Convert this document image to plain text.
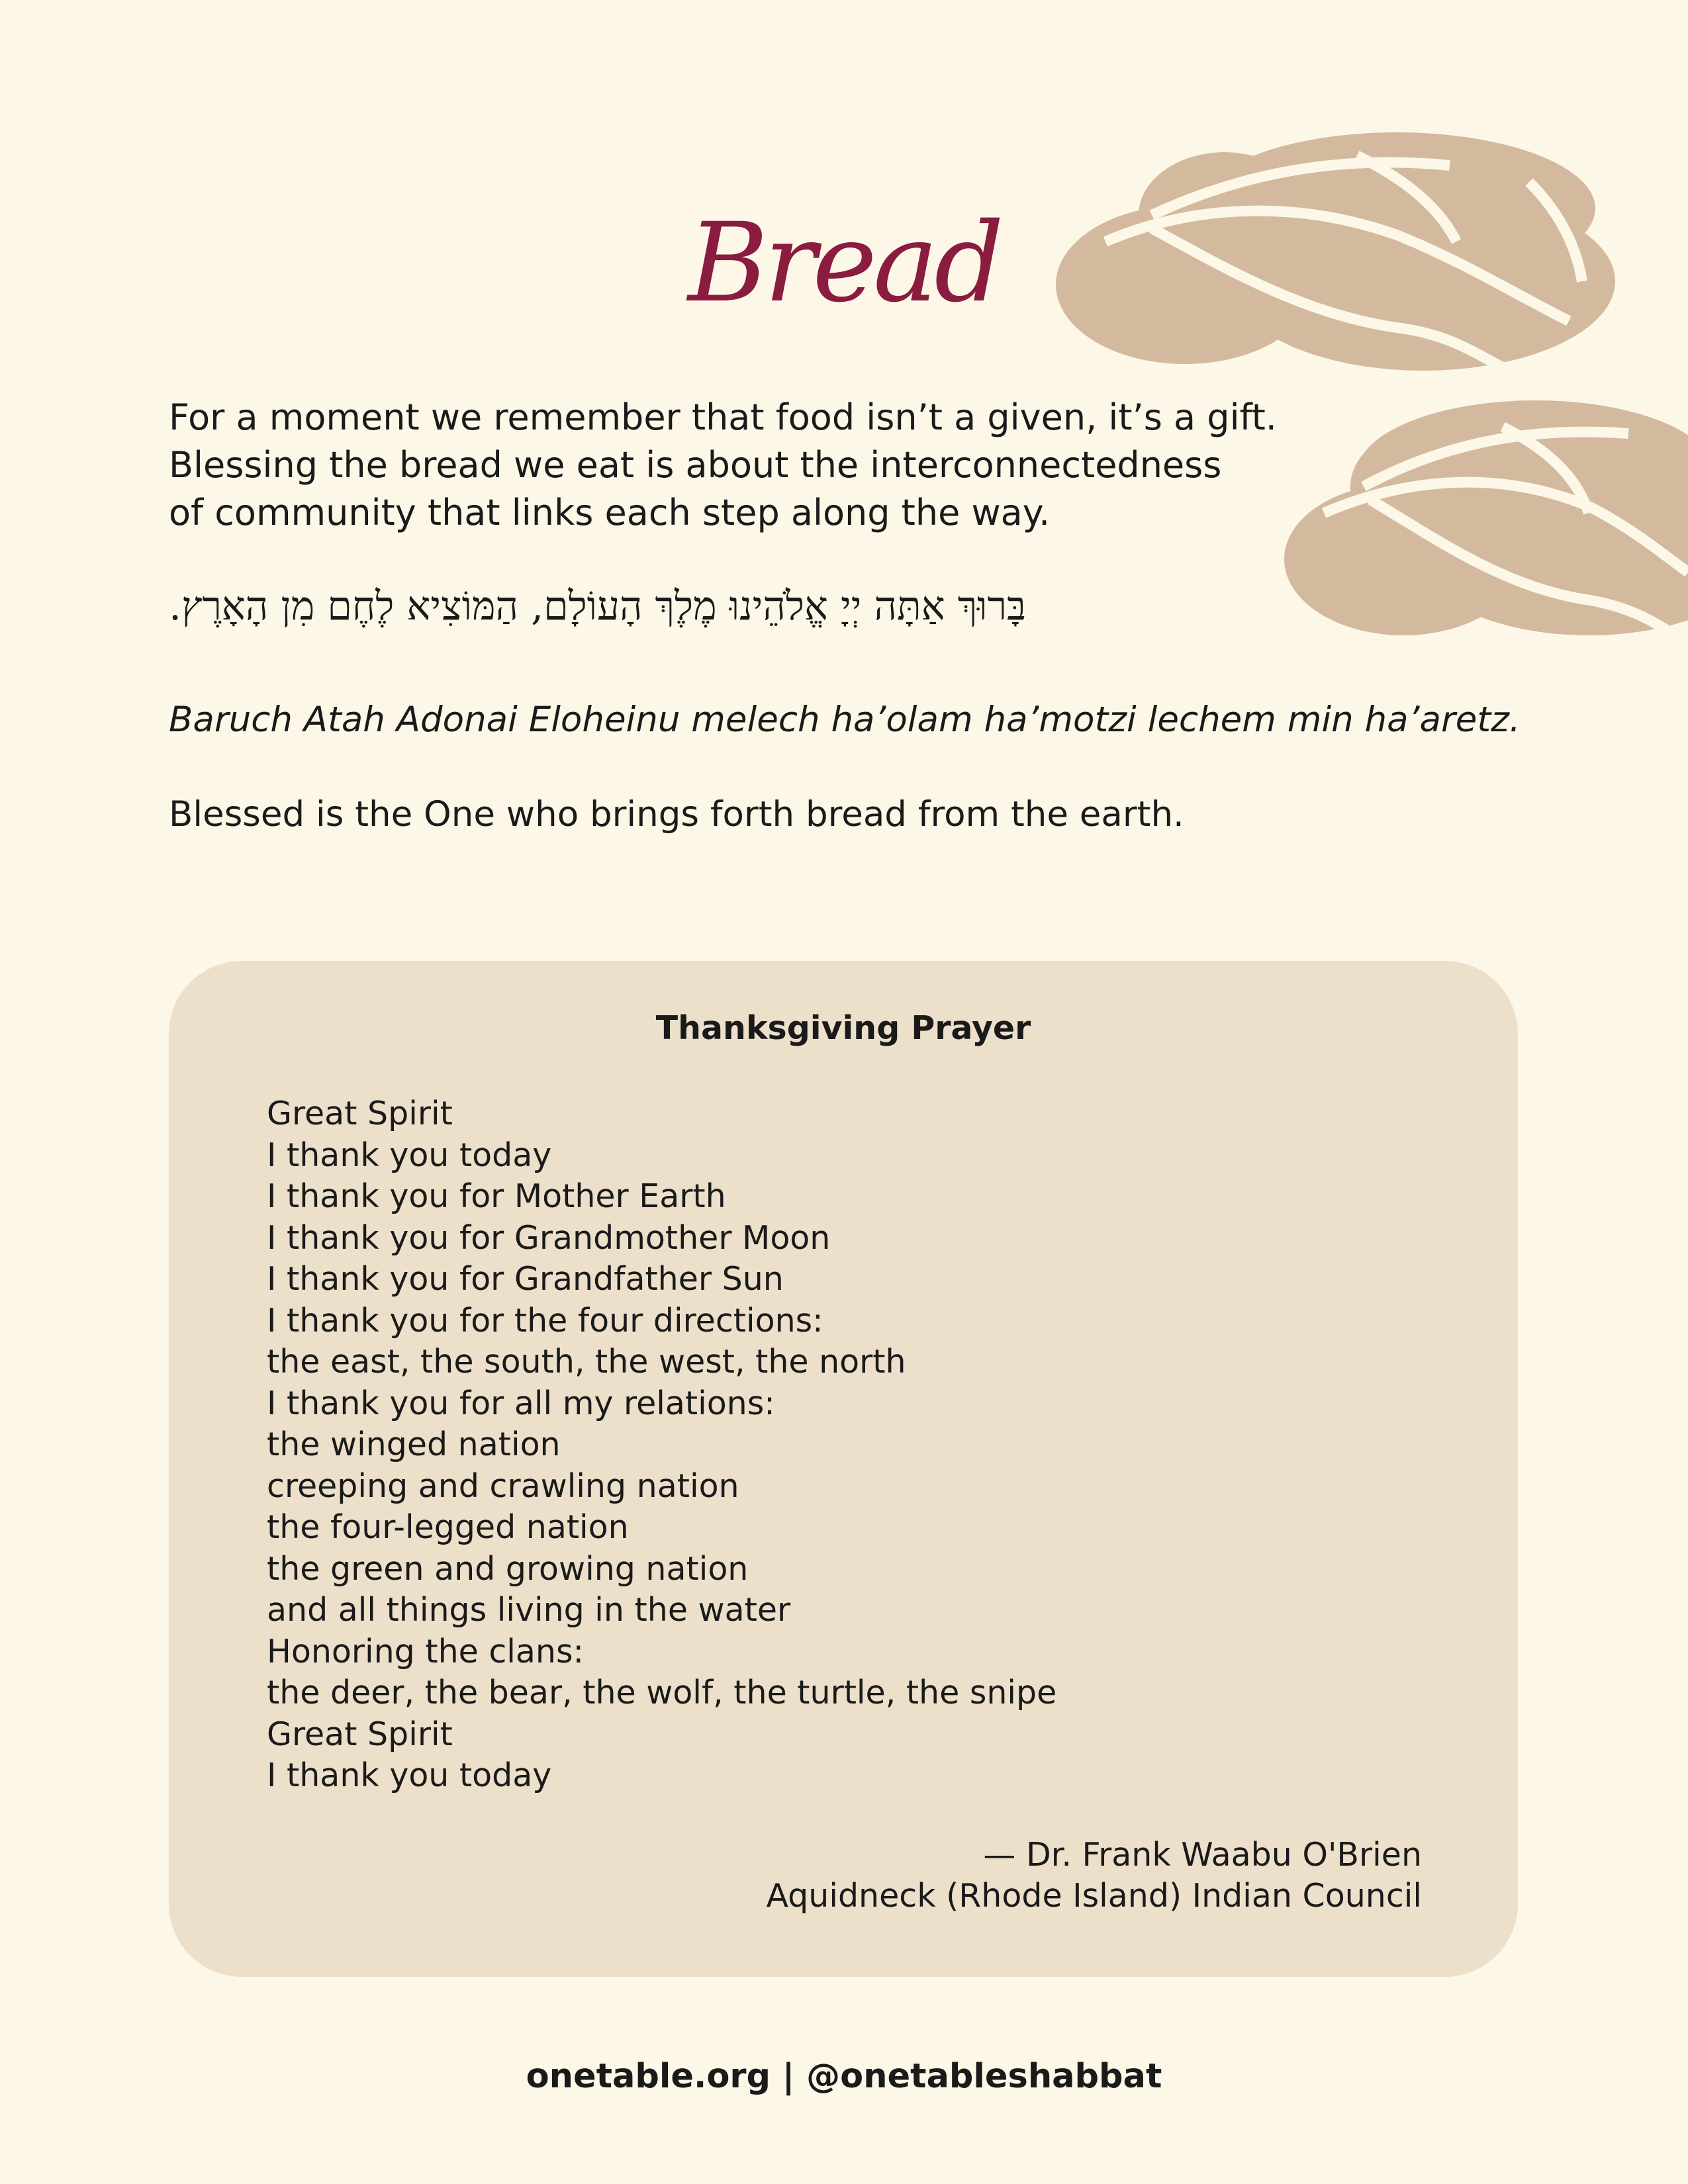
Bread
For a moment we remember that food isn’t a given, it’s a gift.
Blessing the bread we eat is about the interconnectedness
of community that links each step along the way.
בָּרוּךְ אַתָּה יְיָ אֱלֹהֵינוּ מֶלֶךְ הָעוֹלָם, הַמּוֹצִיא לֶחֶם מִן הָאָרֶץ.
Baruch Atah Adonai Eloheinu melech ha’olam ha’motzi lechem min ha’aretz.
Blessed is the One who brings forth bread from the earth.
Thanksgiving Prayer
Great Spirit
I thank you today
I thank you for Mother Earth
I thank you for Grandmother Moon
I thank you for Grandfather Sun
I thank you for the four directions:
the east, the south, the west, the north
I thank you for all my relations:
the winged nation
creeping and crawling nation
the four-legged nation
the green and growing nation
and all things living in the water
Honoring the clans:
the deer, the bear, the wolf, the turtle, the snipe
Great Spirit
I thank you today
— Dr. Frank Waabu O'Brien
Aquidneck (Rhode Island) Indian Council
onetable.org | @onetableshabbat
